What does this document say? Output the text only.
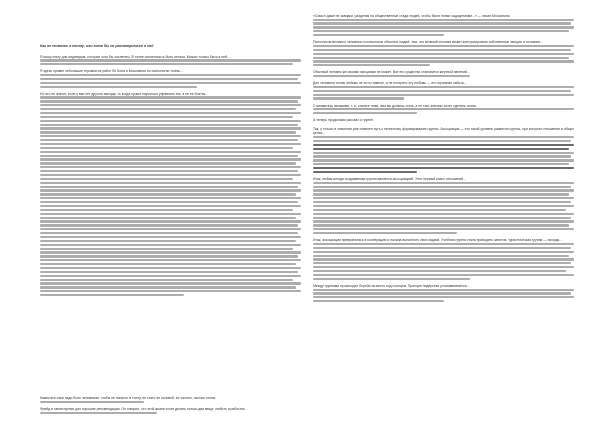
Как не попасть в толпу, или хотя бы не раствориться в ней

Я пишу книгу для индивидов, которые хотя бы численны. В толпе численность быть нельзя. Можно только быть в ней...

Я здесь привел небольшие отрывки из работ Ле Бона и Московичи по психологии толпы...

Но это не значит, если у вас нет другого выхода, то когда лучше научиться управлять ею, а не ее боятся...

Каким все-таки надо быть человеком, чтобы не попасть в толпу, не стать ее основой, ее частью, частью толпы.

Фрейд в своем время дал хорошие рекомендации. Он говорил, что этой жизни стоит делать только два вещи: любить и работать.

«Смысл даже не заводки, разделяя на общественные стада людей, чтобы были этими ощущениями...» — писал Московичи.

Психология великого человека и психология обычных людей, тем, что великий человек может контролировать собственные эмоции и сознание...

Обычный человек же своими эмоциями не может. Все его существо становится жертвой явлений...

Для человека толпы любовь не есть главное, а не потерять эту любовь — его огромная забота...

Становитесь великими, т. е. станьте теми, кем вы должны стать, а не тем, кем вас хочет сделать толпа.

А теперь продолжим рассказ о группе.

Так, у только в значении уже появлен путь к неплохому формированию группы. Ассоциация — это такой уровень развития группы, при котором отношения в общих целях...

Итак, любая иногда создаваемая группа является ассоциацией. Этот первый класс отношений...

Итак, ассоциация превратилась в кооперацию и начала выполнять свои задачи. Учебная группа стала проводить занятия, туристическая группа — походы...

Между группами происходит борьба за место под солнцем. Принцип лидерства устанавливается...
